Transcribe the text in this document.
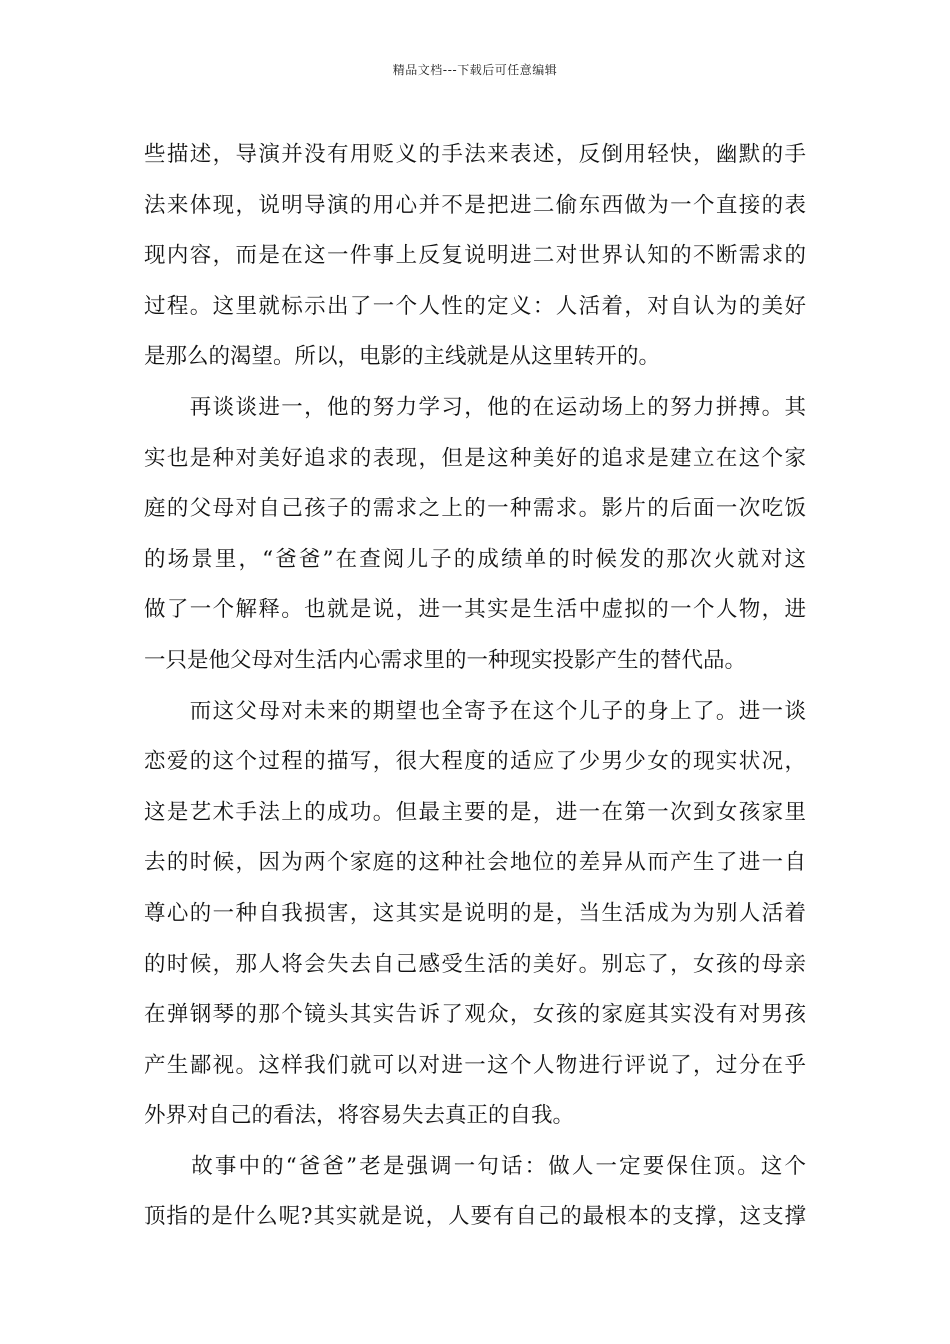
精品文档---下载后可任意编辑
些描述，导演并没有用贬义的手法来表述，反倒用轻快，幽默的手
法来体现，说明导演的用心并不是把进二偷东西做为一个直接的表
现内容，而是在这一件事上反复说明进二对世界认知的不断需求的
过程。这里就标示出了一个人性的定义：人活着，对自认为的美好
是那么的渴望。所以，电影的主线就是从这里转开的。
　　再谈谈进一，他的努力学习，他的在运动场上的努力拼搏。其
实也是种对美好追求的表现，但是这种美好的追求是建立在这个家
庭的父母对自己孩子的需求之上的一种需求。影片的后面一次吃饭
的场景里，“爸爸”在查阅儿子的成绩单的时候发的那次火就对这
做了一个解释。也就是说，进一其实是生活中虚拟的一个人物，进
一只是他父母对生活内心需求里的一种现实投影产生的替代品。
　　而这父母对未来的期望也全寄予在这个儿子的身上了。进一谈
恋爱的这个过程的描写，很大程度的适应了少男少女的现实状况，
这是艺术手法上的成功。但最主要的是，进一在第一次到女孩家里
去的时候，因为两个家庭的这种社会地位的差异从而产生了进一自
尊心的一种自我损害，这其实是说明的是，当生活成为为别人活着
的时候，那人将会失去自己感受生活的美好。别忘了，女孩的母亲
在弹钢琴的那个镜头其实告诉了观众，女孩的家庭其实没有对男孩
产生鄙视。这样我们就可以对进一这个人物进行评说了，过分在乎
外界对自己的看法，将容易失去真正的自我。
　　故事中的“爸爸”老是强调一句话：做人一定要保住顶。这个
顶指的是什么呢?其实就是说，人要有自己的最根本的支撑，这支撑
